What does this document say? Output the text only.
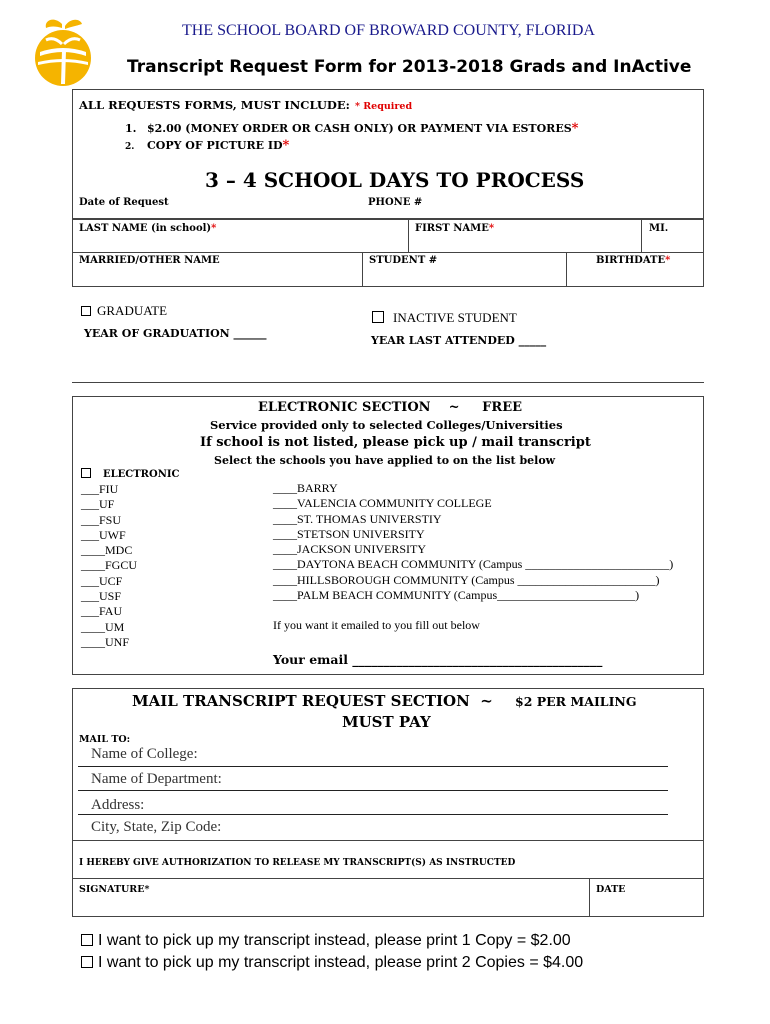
THE SCHOOL BOARD OF BROWARD COUNTY, FLORIDA
Transcript Request Form for 2013-2018 Grads and InActive
ALL REQUESTS FORMS, MUST INCLUDE: * Required
1. $2.00 (MONEY ORDER OR CASH ONLY) OR PAYMENT VIA ESTORES*
2. COPY OF PICTURE ID*
3 – 4 SCHOOL DAYS TO PROCESS
Date of Request	PHONE #
LAST NAME (in school)*	FIRST NAME*	MI.
MARRIED/OTHER NAME	STUDENT #	BIRTHDATE*
GRADUATE
YEAR OF GRADUATION ______
INACTIVE STUDENT
YEAR LAST ATTENDED _____
ELECTRONIC SECTION    ~     FREE
Service provided only to selected Colleges/Universities
If school is not listed, please pick up / mail transcript
Select the schools you have applied to on the list below
ELECTRONIC
___FIU
___UF
___FSU
___UWF
____MDC
____FGCU
___UCF
___USF
___FAU
____UM
____UNF
____BARRY
____VALENCIA COMMUNITY COLLEGE
____ST. THOMAS UNIVERSTIY
____STETSON UNIVERSITY
____JACKSON UNIVERSITY
____DAYTONA BEACH COMMUNITY (Campus ________________________)
____HILLSBOROUGH COMMUNITY (Campus _______________________)
____PALM BEACH COMMUNITY (Campus_______________________)
If you want it emailed to you fill out below
Your email ________________________________________
MAIL TRANSCRIPT REQUEST SECTION  ~ $2 PER MAILING
MUST PAY
MAIL TO:
Name of College:
Name of Department:
Address:
City, State, Zip Code:
I HEREBY GIVE AUTHORIZATION TO RELEASE MY TRANSCRIPT(S) AS INSTRUCTED
SIGNATURE*	DATE
I want to pick up my transcript instead, please print 1 Copy = $2.00
I want to pick up my transcript instead, please print 2 Copies = $4.00
